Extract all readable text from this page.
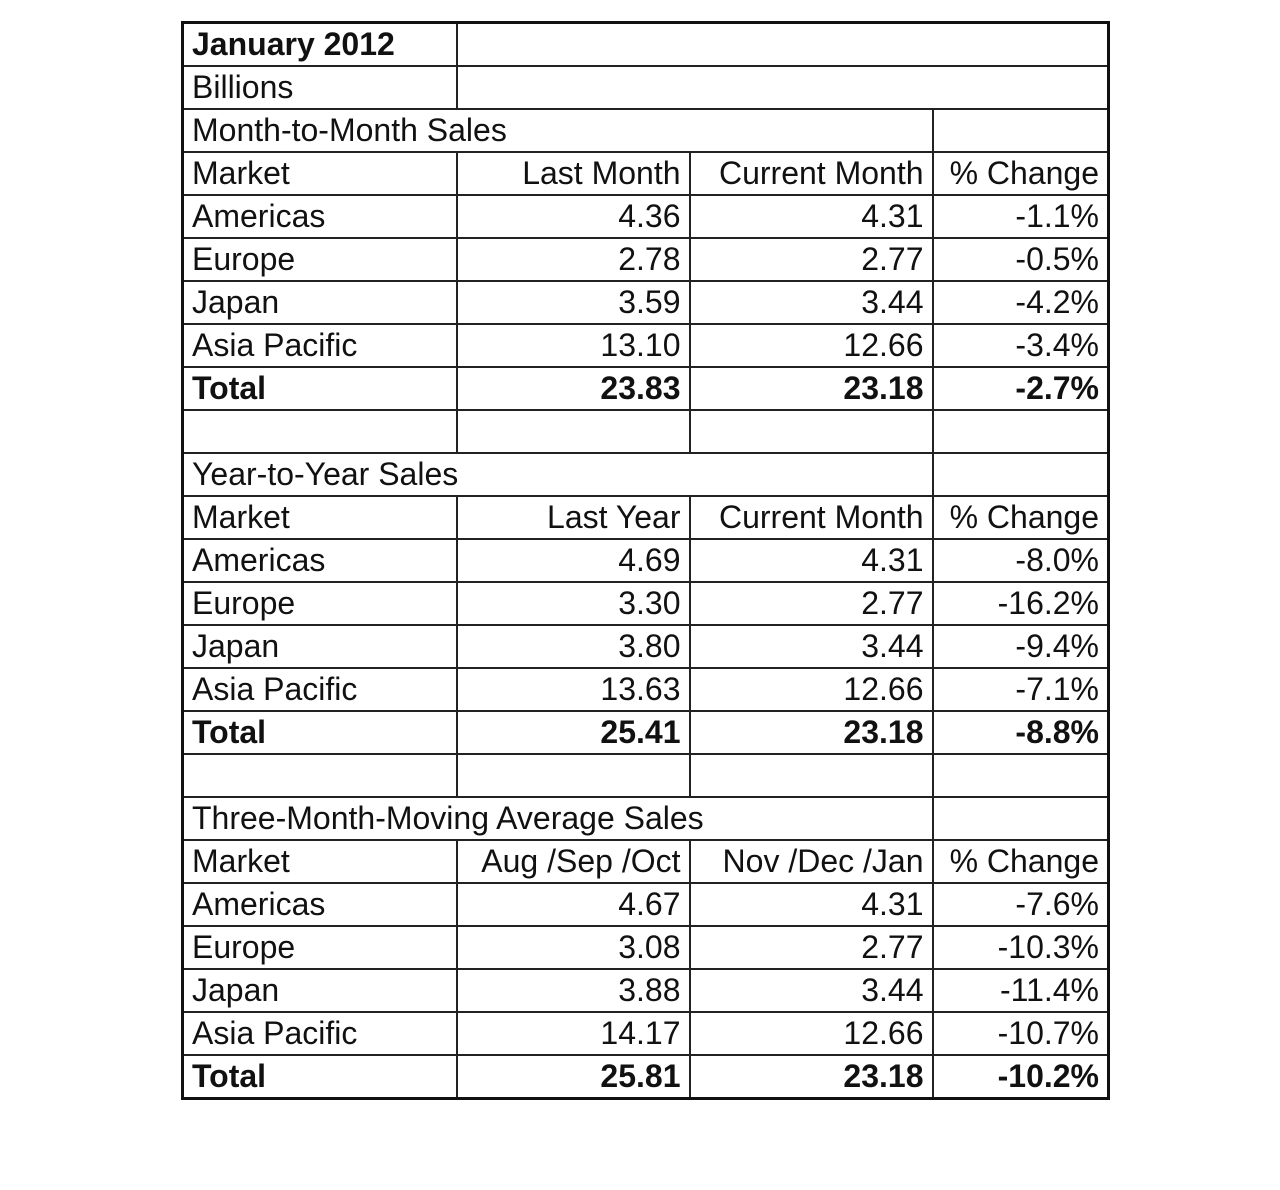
January 2012			
Billions			
Month-to-Month Sales			
Market	Last Month	Current Month	% Change
Americas	4.36	4.31	-1.1%
Europe	2.78	2.77	-0.5%
Japan	3.59	3.44	-4.2%
Asia Pacific	13.10	12.66	-3.4%
Total	23.83	23.18	-2.7%

Year-to-Year Sales			
Market	Last Year	Current Month	% Change
Americas	4.69	4.31	-8.0%
Europe	3.30	2.77	-16.2%
Japan	3.80	3.44	-9.4%
Asia Pacific	13.63	12.66	-7.1%
Total	25.41	23.18	-8.8%

Three-Month-Moving Average Sales			
Market	Aug /Sep /Oct	Nov /Dec /Jan	% Change
Americas	4.67	4.31	-7.6%
Europe	3.08	2.77	-10.3%
Japan	3.88	3.44	-11.4%
Asia Pacific	14.17	12.66	-10.7%
Total	25.81	23.18	-10.2%
